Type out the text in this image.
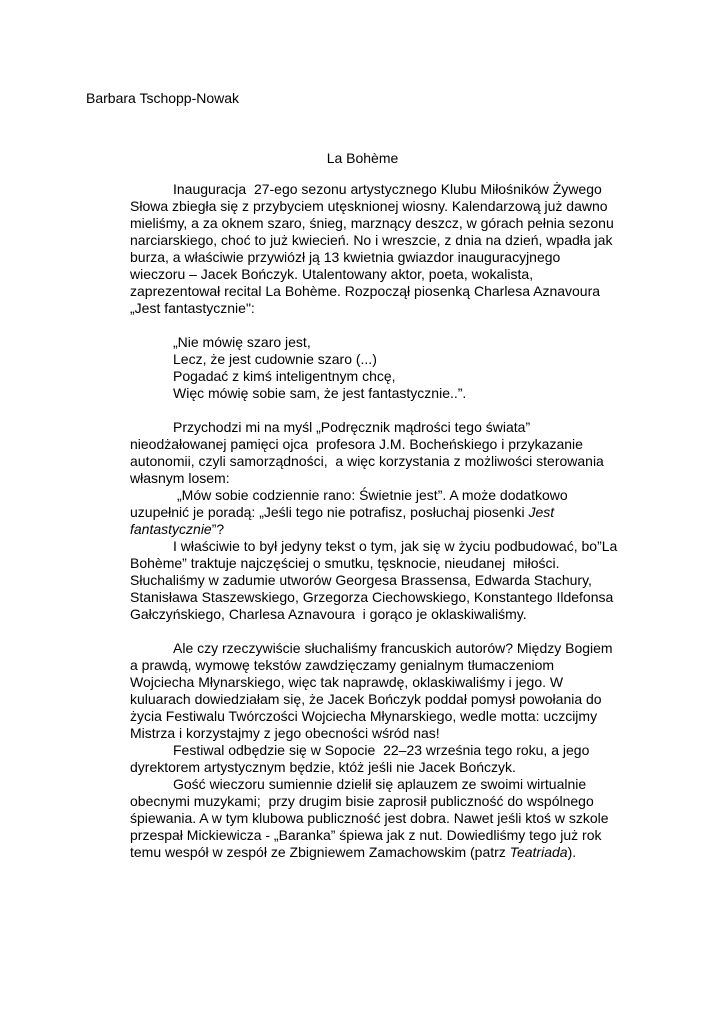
Barbara Tschopp-Nowak

La Bohème

Inauguracja  27-ego sezonu artystycznego Klubu Miłośników Żywego

Słowa zbiegła się z przybyciem utęsknionej wiosny. Kalendarzową już dawno

mieliśmy, a za oknem szaro, śnieg, marznący deszcz, w górach pełnia sezonu

narciarskiego, choć to już kwiecień. No i wreszcie, z dnia na dzień, wpadła jak

burza, a właściwie przywiózł ją 13 kwietnia gwiazdor inauguracyjnego

wieczoru – Jacek Bończyk. Utalentowany aktor, poeta, wokalista,

zaprezentował recital La Bohème. Rozpoczął piosenką Charlesa Aznavoura

„Jest fantastycznie":

„Nie mówię szaro jest,

Lecz, że jest cudownie szaro (...)

Pogadać z kimś inteligentnym chcę,

Więc mówię sobie sam, że jest fantastycznie..”.

Przychodzi mi na myśl „Podręcznik mądrości tego świata”

nieodżałowanej pamięci ojca  profesora J.M. Bocheńskiego i przykazanie

autonomii, czyli samorządności,  a więc korzystania z możliwości sterowania

własnym losem:

„Mów sobie codziennie rano: Świetnie jest”. A może dodatkowo

uzupełnić je poradą: „Jeśli tego nie potrafisz, posłuchaj piosenki Jest

fantastycznie”?

I właściwie to był jedyny tekst o tym, jak się w życiu podbudować, bo”La

Bohème” traktuje najczęściej o smutku, tęsknocie, nieudanej  miłości.

Słuchaliśmy w zadumie utworów Georgesa Brassensa, Edwarda Stachury,

Stanisława Staszewskiego, Grzegorza Ciechowskiego, Konstantego Ildefonsa

Gałczyńskiego, Charlesa Aznavoura  i gorąco je oklaskiwaliśmy.

Ale czy rzeczywiście słuchaliśmy francuskich autorów? Między Bogiem

a prawdą, wymowę tekstów zawdzięczamy genialnym tłumaczeniom

Wojciecha Młynarskiego, więc tak naprawdę, oklaskiwaliśmy i jego. W

kuluarach dowiedziałam się, że Jacek Bończyk poddał pomysł powołania do

życia Festiwalu Twórczości Wojciecha Młynarskiego, wedle motta: uczcijmy

Mistrza i korzystajmy z jego obecności wśród nas!

Festiwal odbędzie się w Sopocie  22–23 września tego roku, a jego

dyrektorem artystycznym będzie, któż jeśli nie Jacek Bończyk.

Gość wieczoru sumiennie dzielił się aplauzem ze swoimi wirtualnie

obecnymi muzykami;  przy drugim bisie zaprosił publiczność do wspólnego

śpiewania. A w tym klubowa publiczność jest dobra. Nawet jeśli ktoś w szkole

przespał Mickiewicza - „Baranka” śpiewa jak z nut. Dowiedliśmy tego już rok

temu wespół w zespół ze Zbigniewem Zamachowskim (patrz Teatriada).
